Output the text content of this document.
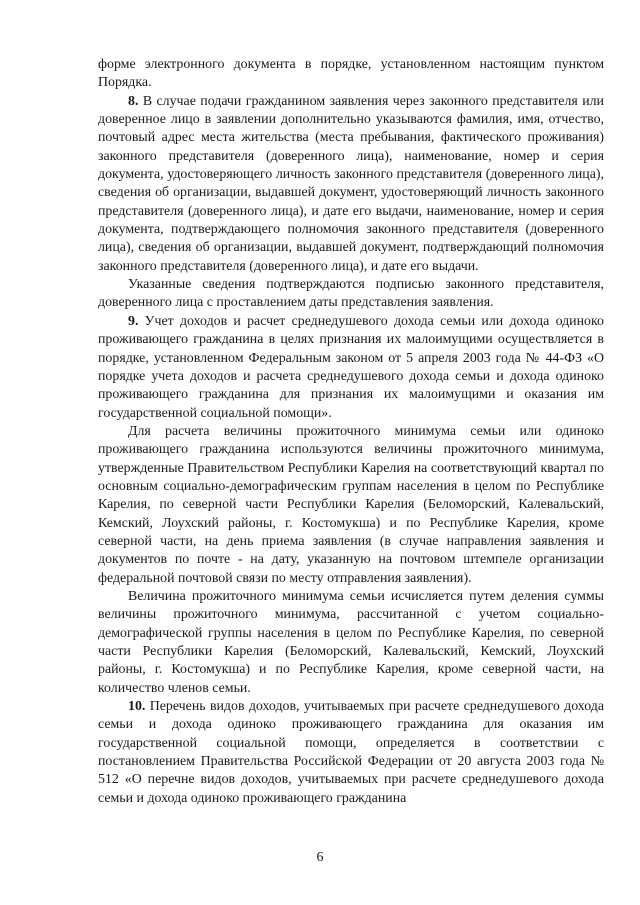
форме электронного документа в порядке, установленном настоящим пунктом Порядка.

8. В случае подачи гражданином заявления через законного представителя или доверенное лицо в заявлении дополнительно указываются фамилия, имя, отчество, почтовый адрес места жительства (места пребывания, фактического проживания) законного представителя (доверенного лица), наименование, номер и серия документа, удостоверяющего личность законного представителя (доверенного лица), сведения об организации, выдавшей документ, удостоверяющий личность законного представителя (доверенного лица), и дате его выдачи, наименование, номер и серия документа, подтверждающего полномочия законного представителя (доверенного лица), сведения об организации, выдавшей документ, подтверждающий полномочия законного представителя (доверенного лица), и дате его выдачи.

Указанные сведения подтверждаются подписью законного представителя, доверенного лица с проставлением даты представления заявления.

9. Учет доходов и расчет среднедушевого дохода семьи или дохода одиноко проживающего гражданина в целях признания их малоимущими осуществляется в порядке, установленном Федеральным законом от 5 апреля 2003 года № 44-ФЗ «О порядке учета доходов и расчета среднедушевого дохода семьи и дохода одиноко проживающего гражданина для признания их малоимущими и оказания им государственной социальной помощи».

Для расчета величины прожиточного минимума семьи или одиноко проживающего гражданина используются величины прожиточного минимума, утвержденные Правительством Республики Карелия на соответствующий квартал по основным социально-демографическим группам населения в целом по Республике Карелия, по северной части Республики Карелия (Беломорский, Калевальский, Кемский, Лоухский районы, г. Костомукша) и по Республике Карелия, кроме северной части, на день приема заявления (в случае направления заявления и документов по почте - на дату, указанную на почтовом штемпеле организации федеральной почтовой связи по месту отправления заявления).

Величина прожиточного минимума семьи исчисляется путем деления суммы величины прожиточного минимума, рассчитанной с учетом социально-демографической группы населения в целом по Республике Карелия, по северной части Республики Карелия (Беломорский, Калевальский, Кемский, Лоухский районы, г. Костомукша) и по Республике Карелия, кроме северной части, на количество членов семьи.

10. Перечень видов доходов, учитываемых при расчете среднедушевого дохода семьи и дохода одиноко проживающего гражданина для оказания им государственной социальной помощи, определяется в соответствии с постановлением Правительства Российской Федерации от 20 августа 2003 года № 512 «О перечне видов доходов, учитываемых при расчете среднедушевого дохода семьи и дохода одиноко проживающего гражданина

6
